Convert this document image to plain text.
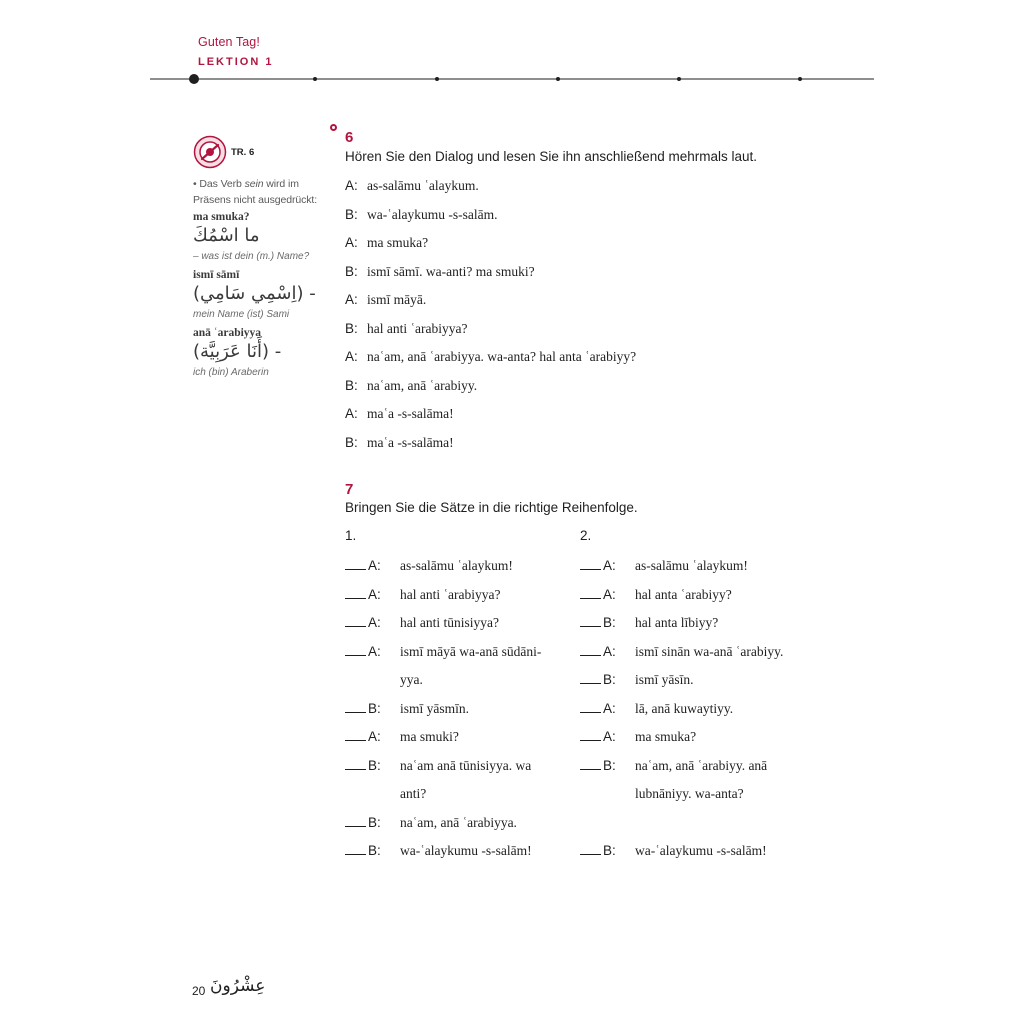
Guten Tag!
LEKTION 1
TR. 6
• Das Verb sein wird im Präsens nicht ausgedrückt:
ma smuka?
ما اسْمُكَ
– was ist dein (m.) Name?
ismī sāmī
(اِسْمِي سَامِي) -
mein Name (ist) Sami
anā ʿarabiyya
(أَنَا عَرَبِيَّة) -
ich (bin) Araberin
6
Hören Sie den Dialog und lesen Sie ihn anschließend mehrmals laut.
A: as-salāmu ʿalaykum.
B: wa-ʿalaykumu -s-salām.
A: ma smuka?
B: ismī sāmī. wa-anti? ma smuki?
A: ismī māyā.
B: hal anti ʿarabiyya?
A: naʿam, anā ʿarabiyya. wa-anta? hal anta ʿarabiyy?
B: naʿam, anā ʿarabiyy.
A: maʿa -s-salāma!
B: maʿa -s-salāma!
7
Bringen Sie die Sätze in die richtige Reihenfolge.
1.	2.
A:	as-salāmu ʿalaykum!
A:	hal anti ʿarabiyya?
A:	hal anti tūnisiyya?
A:	ismī māyā wa-anā sūdāni-
yya.
B:	ismī yāsmīn.
A:	ma smuki?
B:	naʿam anā tūnisiyya. wa
anti?
B:	naʿam, anā ʿarabiyya.
B:	wa-ʿalaykumu -s-salām!
A:	as-salāmu ʿalaykum!
A:	hal anta ʿarabiyy?
B:	hal anta lībiyy?
A:	ismī sinān wa-anā ʿarabiyy.
B:	ismī yāsīn.
A:	lā, anā kuwaytiyy.
A:	ma smuka?
B:	naʿam, anā ʿarabiyy. anā
lubnāniyy. wa-anta?
B:	wa-ʿalaykumu -s-salām!
20 عِشْرُونَ
